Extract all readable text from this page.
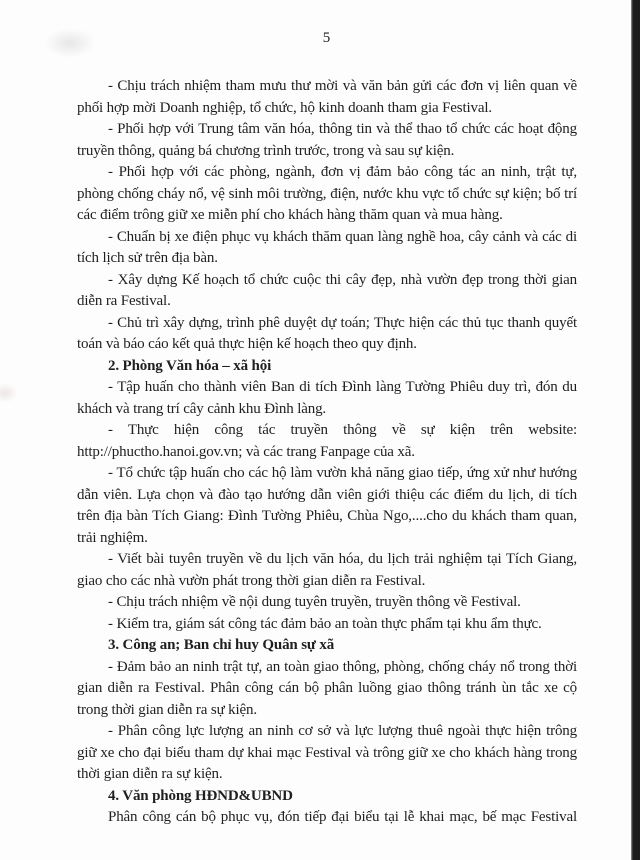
5

- Chịu trách nhiệm tham mưu thư mời và văn bản gửi các đơn vị liên quan về phối hợp mời Doanh nghiệp, tổ chức, hộ kinh doanh tham gia Festival.

- Phối hợp với Trung tâm văn hóa, thông tin và thể thao tổ chức các hoạt động truyền thông, quảng bá chương trình trước, trong và sau sự kiện.

- Phối hợp với các phòng, ngành, đơn vị đảm bảo công tác an ninh, trật tự, phòng chống cháy nổ, vệ sinh môi trường, điện, nước khu vực tổ chức sự kiện; bố trí các điểm trông giữ xe miễn phí cho khách hàng thăm quan và mua hàng.

- Chuẩn bị xe điện phục vụ khách thăm quan làng nghề hoa, cây cảnh và các di tích lịch sử trên địa bàn.

- Xây dựng Kế hoạch tổ chức cuộc thi cây đẹp, nhà vườn đẹp trong thời gian diễn ra Festival.

- Chủ trì xây dựng, trình phê duyệt dự toán; Thực hiện các thủ tục thanh quyết toán và báo cáo kết quả thực hiện kế hoạch theo quy định.

2. Phòng Văn hóa – xã hội

- Tập huấn cho thành viên Ban di tích Đình làng Tường Phiêu duy trì, đón du khách và trang trí cây cảnh khu Đình làng.

- Thực hiện công tác truyền thông về sự kiện trên website: http://phuctho.hanoi.gov.vn; và các trang Fanpage của xã.

- Tổ chức tập huấn cho các hộ làm vườn khả năng giao tiếp, ứng xử như hướng dẫn viên. Lựa chọn và đào tạo hướng dẫn viên giới thiệu các điểm du lịch, di tích trên địa bàn Tích Giang: Đình Tường Phiêu, Chùa Ngo,....cho du khách tham quan, trải nghiệm.

- Viết bài tuyên truyền về du lịch văn hóa, du lịch trải nghiệm tại Tích Giang, giao cho các nhà vườn phát trong thời gian diễn ra Festival.

- Chịu trách nhiệm về nội dung tuyên truyền, truyền thông về Festival.

- Kiểm tra, giám sát công tác đảm bảo an toàn thực phẩm tại khu ẩm thực.

3. Công an; Ban chỉ huy Quân sự xã

- Đảm bảo an ninh trật tự, an toàn giao thông, phòng, chống cháy nổ trong thời gian diễn ra Festival. Phân công cán bộ phân luồng giao thông tránh ùn tắc xe cộ trong thời gian diễn ra sự kiện.

- Phân công lực lượng an ninh cơ sở và lực lượng thuê ngoài thực hiện trông giữ xe cho đại biểu tham dự khai mạc Festival và trông giữ xe cho khách hàng trong thời gian diễn ra sự kiện.

4. Văn phòng HĐND&UBND

Phân công cán bộ phục vụ, đón tiếp đại biểu tại lễ khai mạc, bế mạc Festival
